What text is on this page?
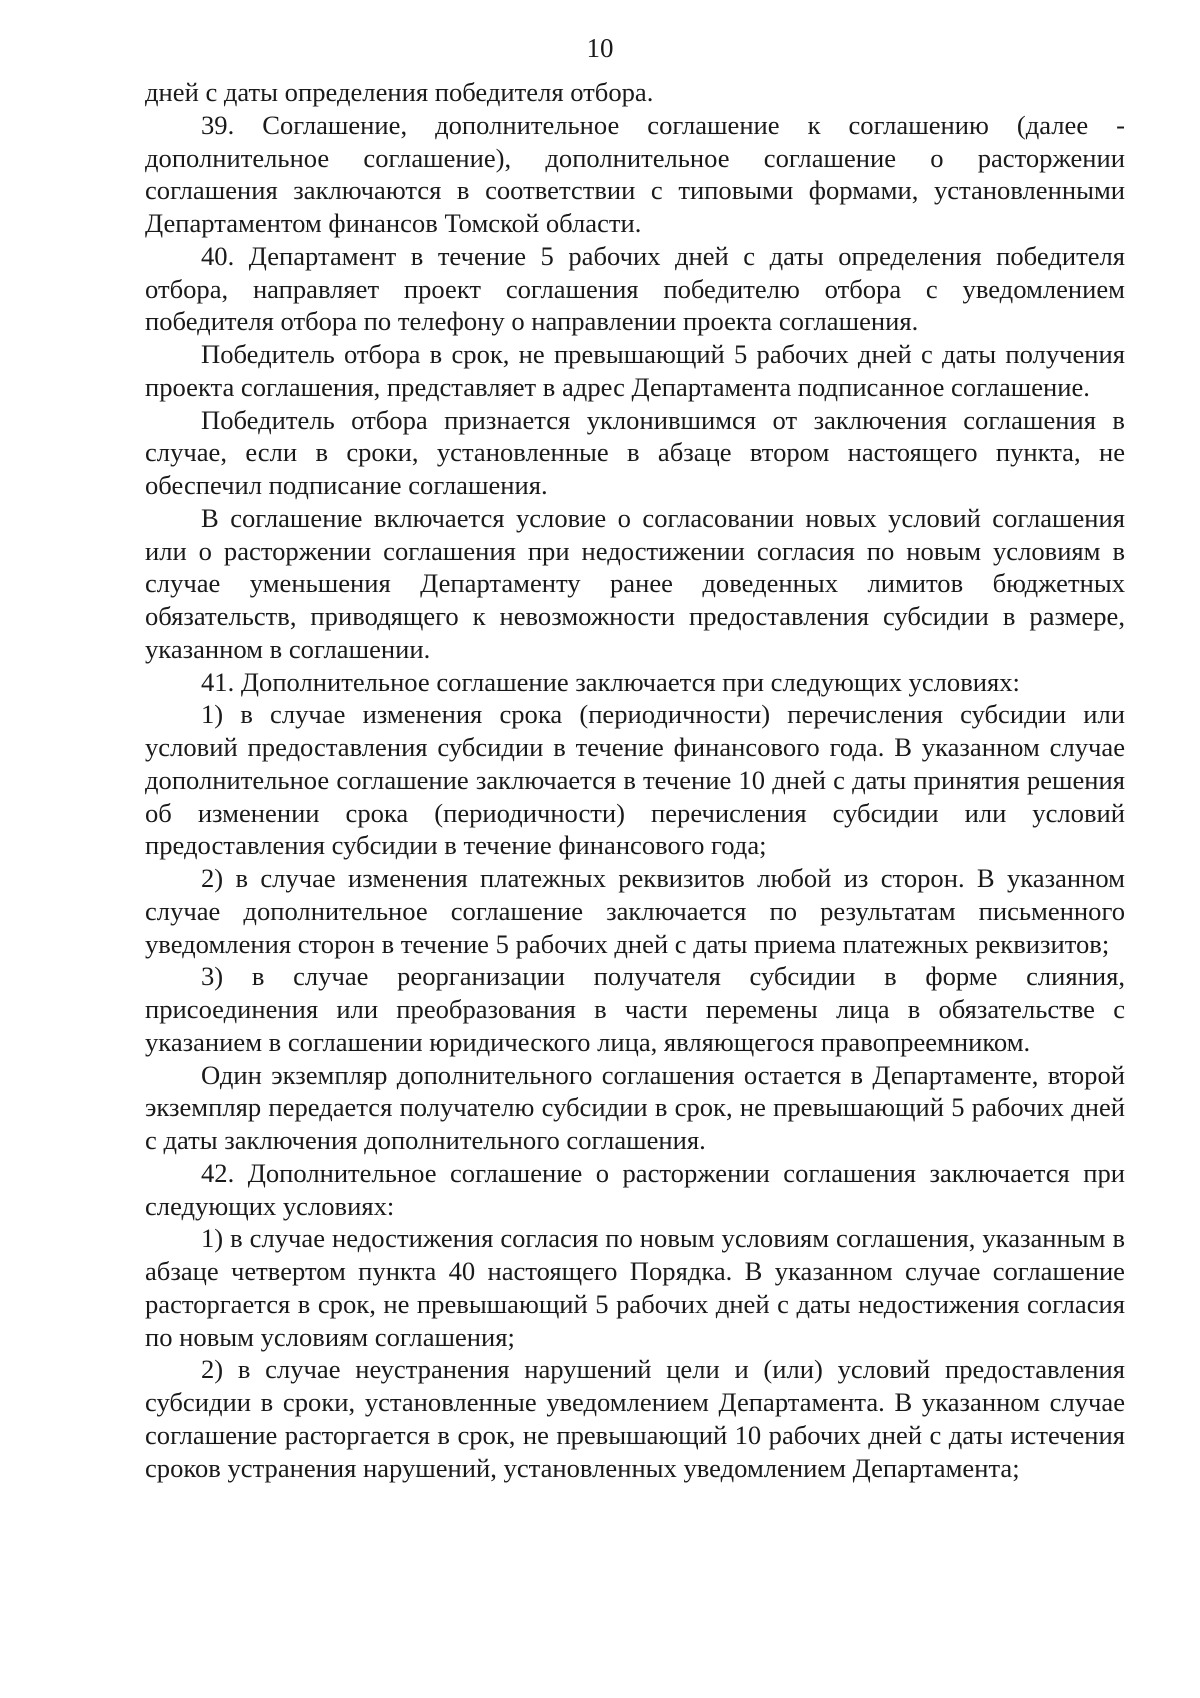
10

дней с даты определения победителя отбора.

39. Соглашение, дополнительное соглашение к соглашению (далее - дополнительное соглашение), дополнительное соглашение о расторжении соглашения заключаются в соответствии с типовыми формами, установленными Департаментом финансов Томской области.

40. Департамент в течение 5 рабочих дней с даты определения победителя отбора, направляет проект соглашения победителю отбора с уведомлением победителя отбора по телефону о направлении проекта соглашения.

Победитель отбора в срок, не превышающий 5 рабочих дней с даты получения проекта соглашения, представляет в адрес Департамента подписанное соглашение.

Победитель отбора признается уклонившимся от заключения соглашения в случае, если в сроки, установленные в абзаце втором настоящего пункта, не обеспечил подписание соглашения.

В соглашение включается условие о согласовании новых условий соглашения или о расторжении соглашения при недостижении согласия по новым условиям в случае уменьшения Департаменту ранее доведенных лимитов бюджетных обязательств, приводящего к невозможности предоставления субсидии в размере, указанном в соглашении.

41. Дополнительное соглашение заключается при следующих условиях:

1) в случае изменения срока (периодичности) перечисления субсидии или условий предоставления субсидии в течение финансового года. В указанном случае дополнительное соглашение заключается в течение 10 дней с даты принятия решения об изменении срока (периодичности) перечисления субсидии или условий предоставления субсидии в течение финансового года;

2) в случае изменения платежных реквизитов любой из сторон. В указанном случае дополнительное соглашение заключается по результатам письменного уведомления сторон в течение 5 рабочих дней с даты приема платежных реквизитов;

3) в случае реорганизации получателя субсидии в форме слияния, присоединения или преобразования в части перемены лица в обязательстве с указанием в соглашении юридического лица, являющегося правопреемником.

Один экземпляр дополнительного соглашения остается в Департаменте, второй экземпляр передается получателю субсидии в срок, не превышающий 5 рабочих дней с даты заключения дополнительного соглашения.

42. Дополнительное соглашение о расторжении соглашения заключается при следующих условиях:

1) в случае недостижения согласия по новым условиям соглашения, указанным в абзаце четвертом пункта 40 настоящего Порядка. В указанном случае соглашение расторгается в срок, не превышающий 5 рабочих дней с даты недостижения согласия по новым условиям соглашения;

2) в случае неустранения нарушений цели и (или) условий предоставления субсидии в сроки, установленные уведомлением Департамента. В указанном случае соглашение расторгается в срок, не превышающий 10 рабочих дней с даты истечения сроков устранения нарушений, установленных уведомлением Департамента;
